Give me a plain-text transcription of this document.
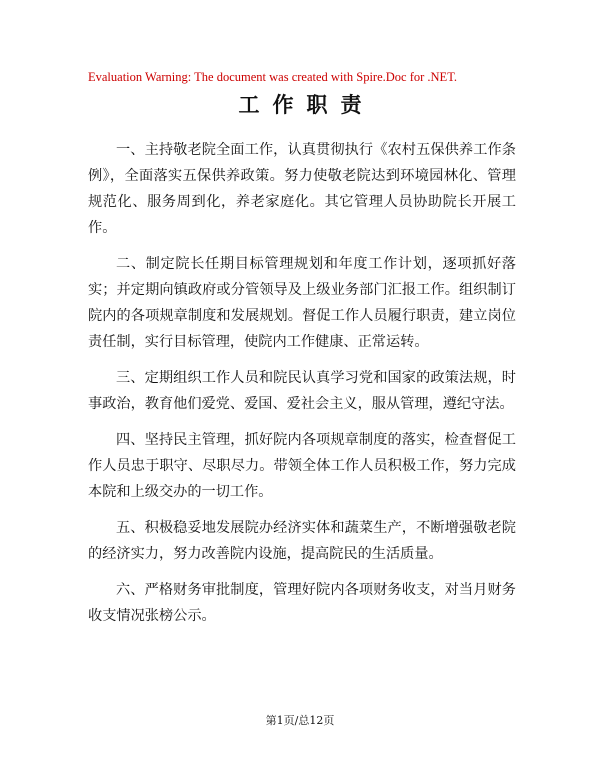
Evaluation Warning: The document was created with Spire.Doc for .NET.
工作职责

一、主持敬老院全面工作，认真贯彻执行《农村五保供养工作条例》，全面落实五保供养政策。努力使敬老院达到环境园林化、管理规范化、服务周到化，养老家庭化。其它管理人员协助院长开展工作。

二、制定院长任期目标管理规划和年度工作计划，逐项抓好落实；并定期向镇政府或分管领导及上级业务部门汇报工作。组织制订院内的各项规章制度和发展规划。督促工作人员履行职责，建立岗位责任制，实行目标管理，使院内工作健康、正常运转。

三、定期组织工作人员和院民认真学习党和国家的政策法规，时事政治，教育他们爱党、爱国、爱社会主义，服从管理，遵纪守法。

四、坚持民主管理，抓好院内各项规章制度的落实，检查督促工作人员忠于职守、尽职尽力。带领全体工作人员积极工作，努力完成本院和上级交办的一切工作。

五、积极稳妥地发展院办经济实体和蔬菜生产，不断增强敬老院的经济实力，努力改善院内设施，提高院民的生活质量。

六、严格财务审批制度，管理好院内各项财务收支，对当月财务收支情况张榜公示。

第1页/总12页
